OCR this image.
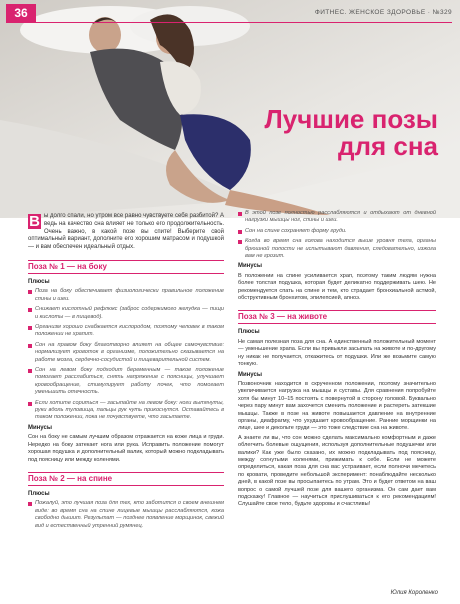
36	ФИТНЕС. ЖЕНСКОЕ ЗДОРОВЬЕ · №329
Лучшие позы
для сна

В ы долго спали, но утром все равно чувствуете себя разбитой? А ведь на качество сна влияет не только его продолжительность. Очень важно, в какой позе вы спите! Выберите свой оптимальный вариант, дополните его хорошим матрасом и подушкой — и вам обеспечен идеальный отдых.

Поза № 1 — на боку
Плюсы
Поза на боку обеспечивает физиологически правильное положение спины и шеи.
Снижает кислотный рефлюкс (заброс содержимого желудка — пищи и кислоты — в пищевод).
Организм хорошо снабжается кислородом, поэтому человек в таком положении не храпит.
Сон на правом боку благотворно влияет на общее самочувствие: нормализует кровоток в организме, положительно сказывается на работе мозга, сердечно-сосудистой и пищеварительной систем.
Сон на левом боку подходит беременным — такое положение помогает расслабиться, снять напряжение с поясницы, улучшает кровообращение, стимулирует работу почек, что помогает уменьшить отечность.
Если хотите сориться — засыпайте на левом боку: ноги вытянуты, руки вдоль туловища, пальцы рук чуть прикоснутся. Оставайтесь в таком положении, пока не почувствуете, что засыпаете.
Минусы

Сон на боку не самым лучшим образом отражается на коже лица и груди. Нередко на боку затекает нога или рука. Исправить положение помогут хорошая подушка и дополнительный валик, который можно подкладывать под поясницу или между коленями.

Поза № 2 — на спине
Плюсы
Пожалуй, это лучшая поза для тех, кто заботится о своем внешнем виде: во время сна на спине лицевые мышцы расслабляются, кожа свободно дышит. Результат — позднее появление морщинок, свежий вид и естественный утренний румянец.
В этой позе полностью расслабляются и отдыхают от дневной нагрузки мышцы ног, спины и шеи.
Сон на спине сохраняет форму груди.
Когда во время сна голова находится выше уровня тела, органы брюшной полости не испытывают давления, следовательно, изжога вам не грозит.
Минусы

В положении на спине усиливается храп, поэтому таким людям нужна более толстая подушка, которая будет деликатно поддерживать шею. Не рекомендуется спать на спине и тем, кто страдает бронхиальной астмой, обструктивным бронхитом, эпилепсией, апноэ.

Поза № 3 — на животе
Плюсы

Не самая полезная поза для сна. А единственный положительный момент — уменьшение храпа. Если вы привыкли засыпать на животе и по-другому ну никак не получается, откажитесь от подушки. Или же возьмите самую тонкую.

Минусы

Позвоночник находится в скрученном положении, поэтому значительно увеличивается нагрузка на мышцы и суставы. Для сравнения попробуйте хотя бы минут 10–15 постоять с повернутой в сторону головой. Буквально через пару минут вам захочется сменить положение и растереть затекшие мышцы. Также в позе на животе повышается давление на внутренние органы, диафрагму, что ухудшает кровообращение. Ранние морщинки на лице, шее и декольте груди — это тоже следствие сна на животе.

А знаете ли вы, что сон можно сделать максимально комфортным и даже облегчить болевые ощущения, используя дополнительные подушечки или валики? Как уже было сказано, их можно подкладывать под поясницу, между согнутыми коленями, прижимать к себе. Если не можете определиться, какая поза для сна вас устраивает, если полночи мечетесь по кровати, проведите небольшой эксперимент: понаблюдайте несколько дней, в какой позе вы просыпаетесь по утрам. Это и будет ответом на ваш вопрос о самой лучшей позе для вашего организма. Он сам дает вам подсказку! Главное — научиться прислушиваться к его рекомендациям! Слушайте свое тело, будьте здоровы и счастливы!

Юлия Короленко
